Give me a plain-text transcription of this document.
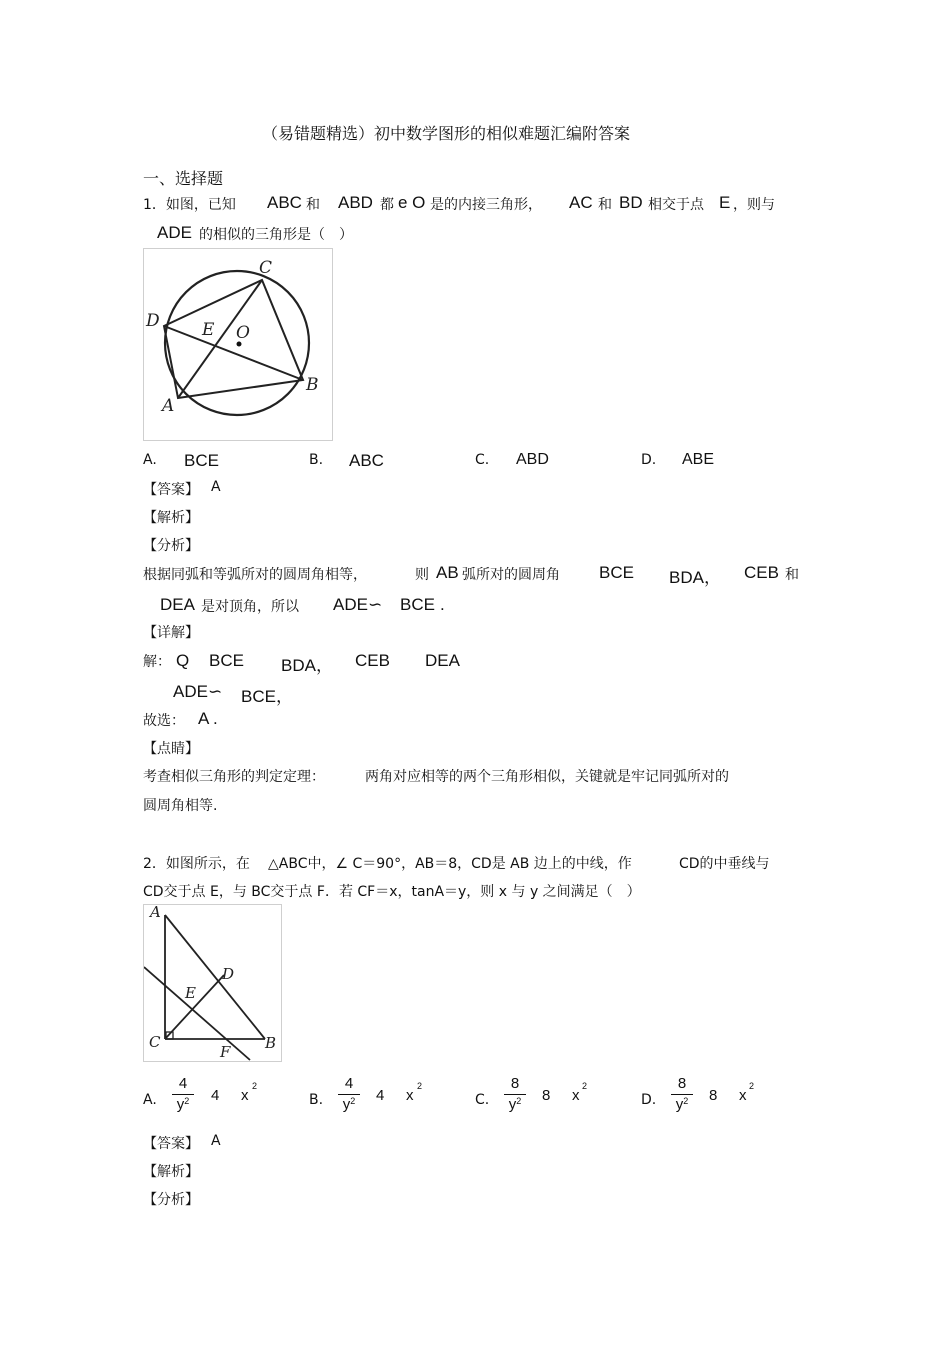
（易错题精选）初中数学图形的相似难题汇编附答案
一、选择题
1．如图，已知 ABC 和 ABD 都 e O 是的内接三角形， AC 和 BD 相交于点 E ，则与
ADE 的相似的三角形是（　）
C
D E O
A
B
A. BCE	B. ABC	C. ABD	D. ABE
【答案】 A
【解析】
【分析】
根据同弧和等弧所对的圆周角相等，	则 AB 弧所对的圆周角 BCE BDA， CEB 和
DEA 是对顶角，所以 ADE∽ BCE .
【详解】
解： Q BCE BDA， CEB DEA
ADE∽ BCE，
故选： A .
【点睛】
考查相似三角形的判定定理：	两角对应相等的两个三角形相似，关键就是牢记同弧所对的
圆周角相等.
2．如图所示，在 △ABC中，∠ C＝90°，AB＝8，CD是 AB 边上的中线，作	CD的中垂线与
CD交于点 E，与 BC交于点 F．若 CF＝x，tanA＝y，则 x 与 y 之间满足（　）
A
D
E
C
F B
A.
4
$y^2$	4 x
2
B.
4
$y^2$	4 x
2
C.
8
$y^2$	8 x
2
D.
8
$y^2$	8 x
2
【答案】 A
【解析】
【分析】
